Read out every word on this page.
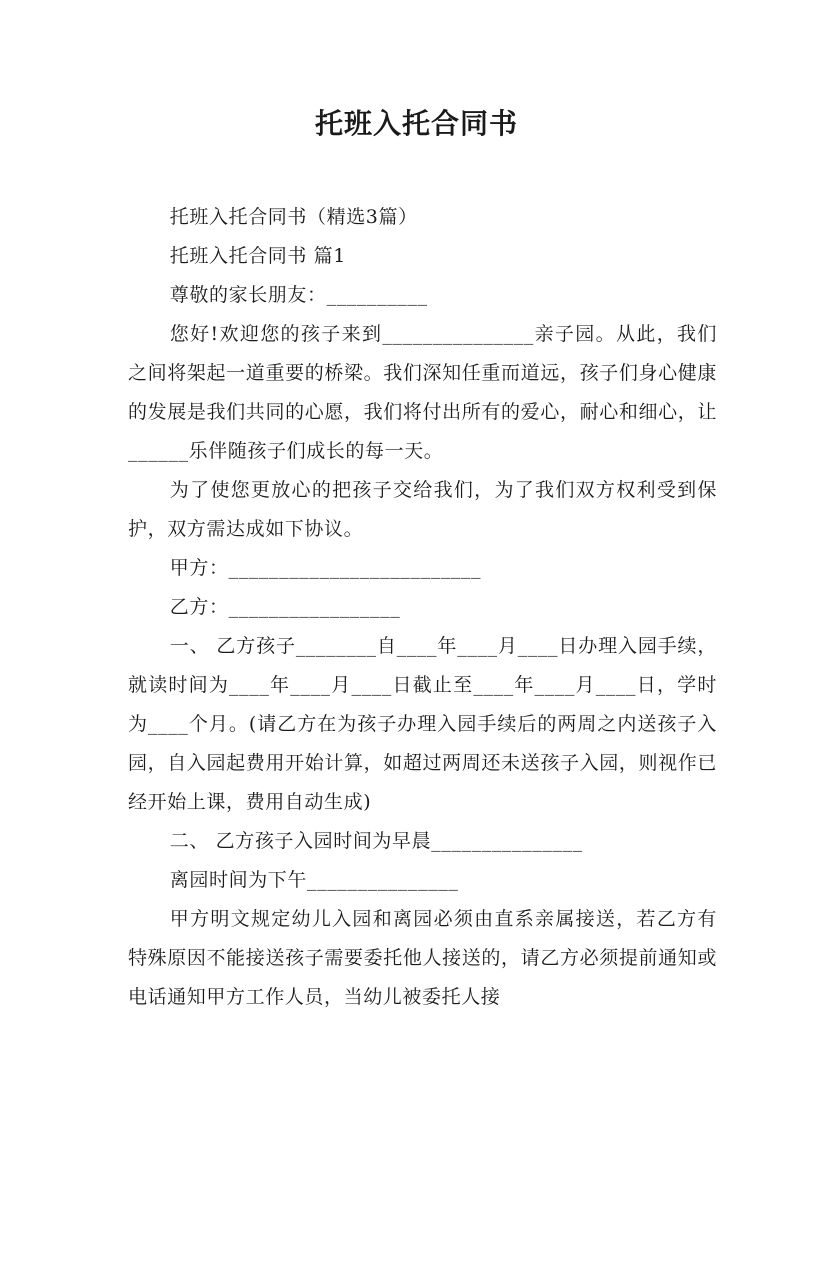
托班入托合同书

托班入托合同书（精选3篇）

托班入托合同书 篇1

尊敬的家长朋友：__________

您好!欢迎您的孩子来到_______________亲子园。从此，我们之间将架起一道重要的桥梁。我们深知任重而道远，孩子们身心健康的发展是我们共同的心愿，我们将付出所有的爱心，耐心和细心，让______乐伴随孩子们成长的每一天。

为了使您更放心的把孩子交给我们，为了我们双方权利受到保护，双方需达成如下协议。

甲方：_________________________

乙方：_________________

一、 乙方孩子________自____年____月____日办理入园手续，就读时间为____年____月____日截止至____年____月____日，学时为____个月。(请乙方在为孩子办理入园手续后的两周之内送孩子入园，自入园起费用开始计算，如超过两周还未送孩子入园，则视作已经开始上课，费用自动生成)

二、 乙方孩子入园时间为早晨_______________

离园时间为下午_______________

甲方明文规定幼儿入园和离园必须由直系亲属接送，若乙方有特殊原因不能接送孩子需要委托他人接送的，请乙方必须提前通知或电话通知甲方工作人员，当幼儿被委托人接
